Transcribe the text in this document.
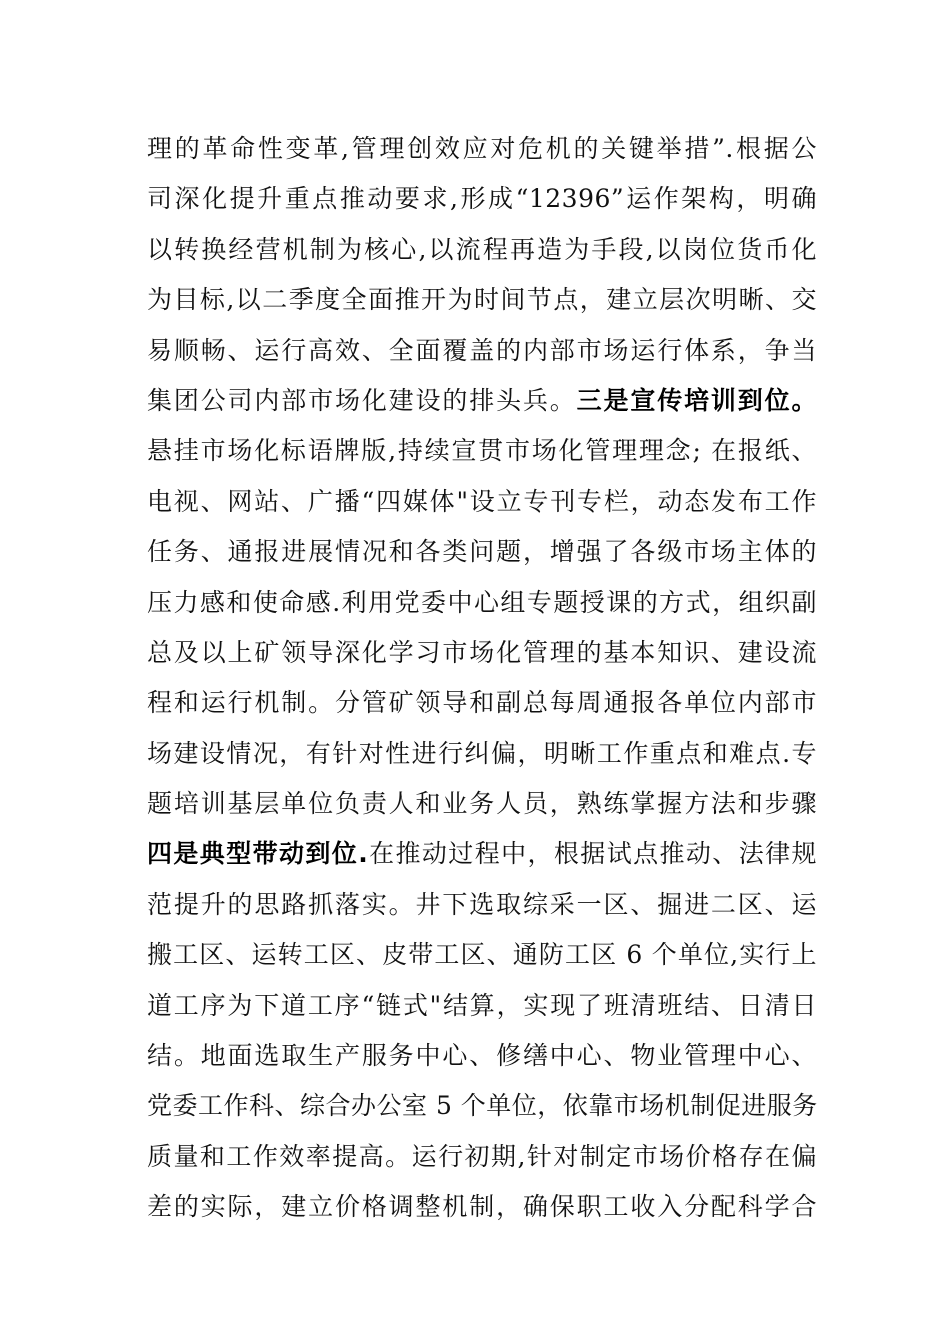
理的革命性变革,管理创效应对危机的关键举措”.根据公
司深化提升重点推动要求,形成“12396”运作架构，明确
以转换经营机制为核心,以流程再造为手段,以岗位货币化
为目标,以二季度全面推开为时间节点，建立层次明晰、交
易顺畅、运行高效、全面覆盖的内部市场运行体系，争当
集团公司内部市场化建设的排头兵。三是宣传培训到位。
悬挂市场化标语牌版,持续宣贯市场化管理理念; 在报纸、
电视、网站、广播“四媒体"设立专刊专栏，动态发布工作
任务、通报进展情况和各类问题，增强了各级市场主体的
压力感和使命感.利用党委中心组专题授课的方式，组织副
总及以上矿领导深化学习市场化管理的基本知识、建设流
程和运行机制。分管矿领导和副总每周通报各单位内部市
场建设情况，有针对性进行纠偏，明晰工作重点和难点.专
题培训基层单位负责人和业务人员，熟练掌握方法和步骤
四是典型带动到位.在推动过程中，根据试点推动、法律规
范提升的思路抓落实。井下选取综采一区、掘进二区、运
搬工区、运转工区、皮带工区、通防工区 6 个单位,实行上
道工序为下道工序“链式"结算，实现了班清班结、日清日
结。地面选取生产服务中心、修缮中心、物业管理中心、
党委工作科、综合办公室 5 个单位，依靠市场机制促进服务
质量和工作效率提高。运行初期,针对制定市场价格存在偏
差的实际，建立价格调整机制，确保职工收入分配科学合
